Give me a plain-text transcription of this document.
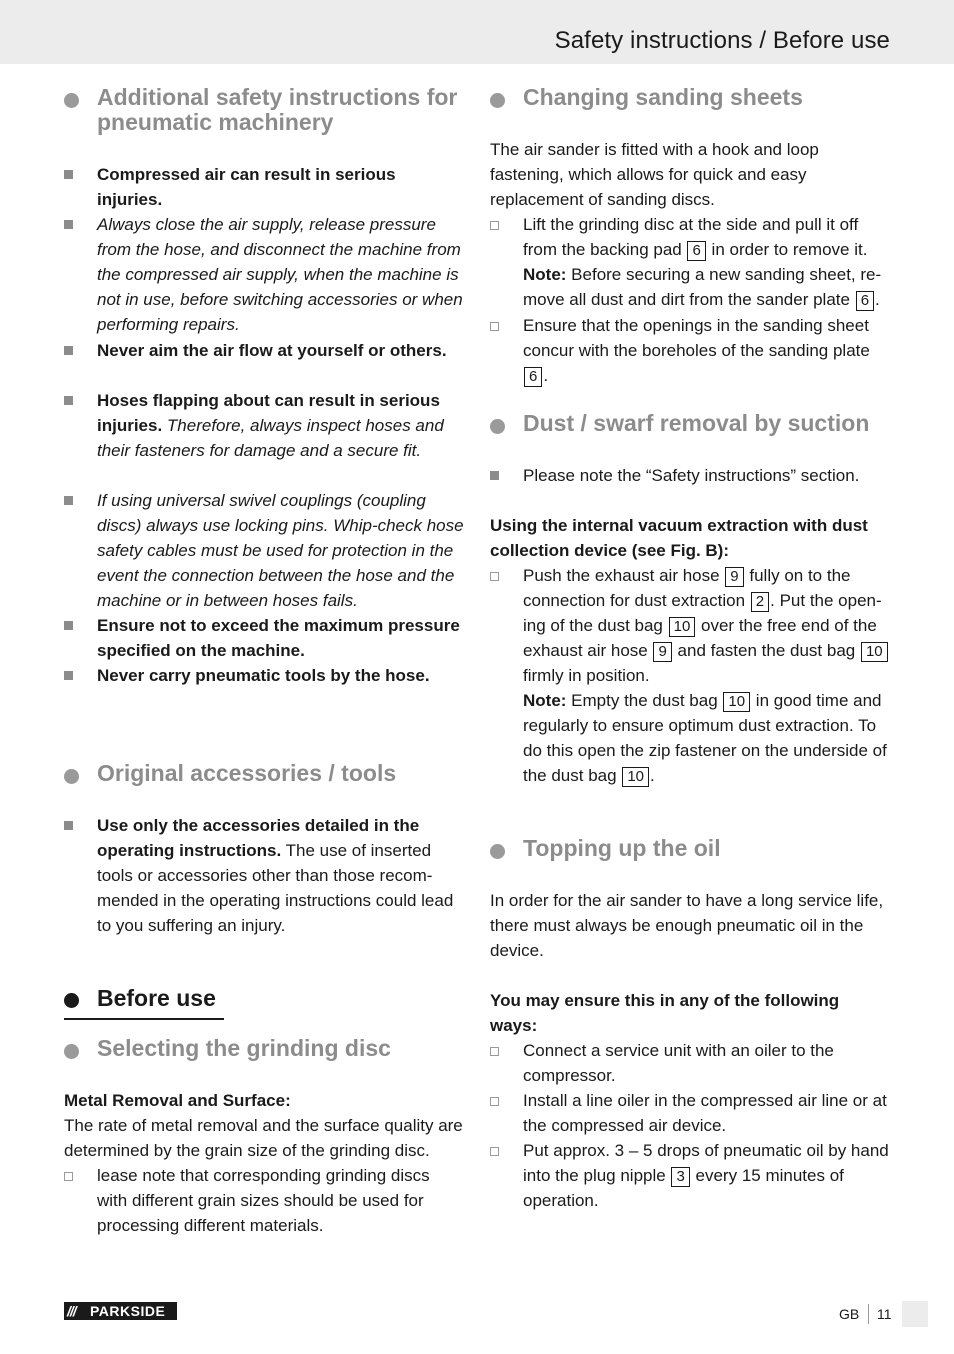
Safety instructions / Before use
Additional safety instructions for pneumatic machinery

Compressed air can result in serious injuries.

Always close the air supply, release pressure from the hose, and disconnect the machine from the compressed air supply, when the machine is not in use, before switching accessories or when performing repairs.

Never aim the air flow at yourself or others.

Hoses flapping about can result in serious injuries. Therefore, always inspect hoses and their fasteners for damage and a secure fit.

If using universal swivel couplings (coupling discs) always use locking pins. Whip-check hose safety cables must be used for protection in the event the connection between the hose and the machine or in between hoses fails.

Ensure not to exceed the maximum pressure specified on the machine.

Never carry pneumatic tools by the hose.

Original accessories / tools

Use only the accessories detailed in the operating instructions. The use of inserted tools or accessories other than those recom-mended in the operating instructions could lead to you suffering an injury.

Before use
Selecting the grinding disc

Metal Removal and Surface:

The rate of metal removal and the surface quality are determined by the grain size of the grinding disc.

lease note that corresponding grinding discs with different grain sizes should be used for processing different materials.

Changing sanding sheets

The air sander is fitted with a hook and loop fastening, which allows for quick and easy replacement of sanding discs.

Lift the grinding disc at the side and pull it off from the backing pad 6 in order to remove it.
Note: Before securing a new sanding sheet, re-move all dust and dirt from the sander plate 6 .

Ensure that the openings in the sanding sheet concur with the boreholes of the sanding plate 6 .

Dust / swarf removal by suction

Please note the “Safety instructions” section.

Using the internal vacuum extraction with dust collection device (see Fig. B):

Push the exhaust air hose 9 fully on to the connection for dust extraction 2 . Put the open-ing of the dust bag 10 over the free end of the exhaust air hose 9 and fasten the dust bag 10 firmly in position.
Note: Empty the dust bag 10 in good time and regularly to ensure optimum dust extraction. To do this open the zip fastener on the underside of the dust bag 10 .

Topping up the oil

In order for the air sander to have a long service life, there must always be enough pneumatic oil in the device.

You may ensure this in any of the following ways:

Connect a service unit with an oiler to the compressor.

Install a line oiler in the compressed air line or at the compressed air device.

Put approx. 3 – 5 drops of pneumatic oil by hand into the plug nipple 3 every 15 minutes of operation.

/// PARKSIDE	GB 11
